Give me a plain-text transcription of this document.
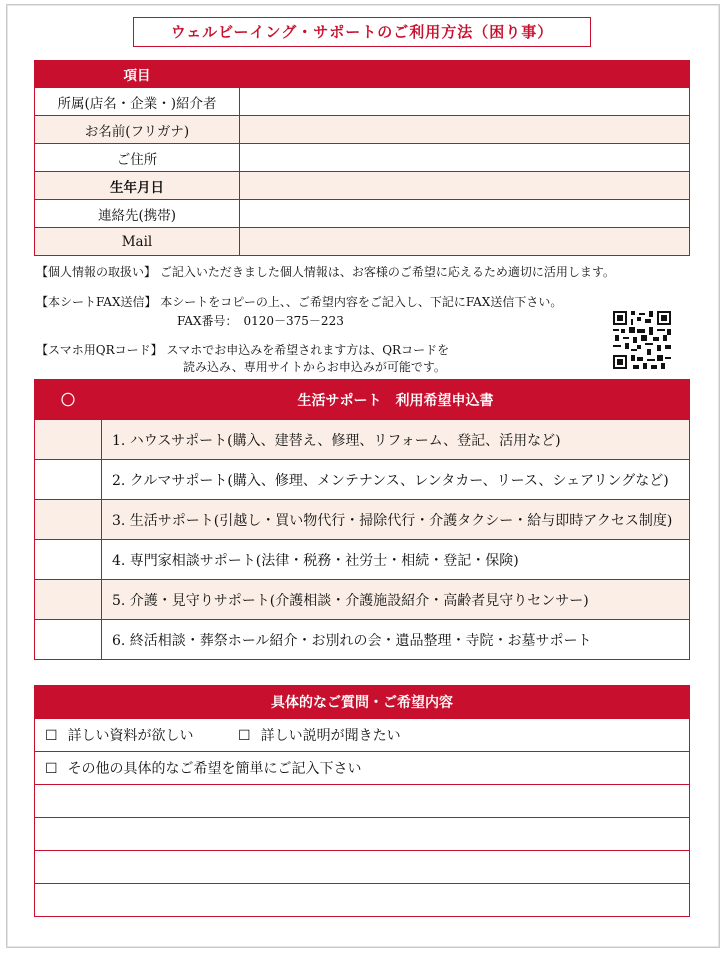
ウェルビーイング・サポートのご利用方法（困り事）
項目	
所属(店名・企業・)紹介者	
お名前(フリガナ)	
ご住所	
生年月日	
連絡先(携帯)	
Mail	
【個人情報の取扱い】 ご記入いただきました個人情報は、お客様のご希望に応えるため適切に活用します。
【本シートFAX送信】 本シートをコピーの上、、ご希望内容をご記入し、下記にFAX送信下さい。
FAX番号：　0120－375－223
【スマホ用QRコード】 スマホでお申込みを希望されます方は、QRコードを
読み込み、専用サイトからお申込みが可能です。
〇	生活サポート　利用希望申込書
	1. ハウスサポート(購入、建替え、修理、リフォーム、登記、活用など)
	2. クルマサポート(購入、修理、メンテナンス、レンタカー、リース、シェアリングなど)
	3. 生活サポート(引越し・買い物代行・掃除代行・介護タクシー・給与即時アクセス制度)
	4. 専門家相談サポート(法律・税務・社労士・相続・登記・保険)
	5. 介護・見守りサポート(介護相談・介護施設紹介・高齢者見守りセンサー)
	6. 終活相談・葬祭ホール紹介・お別れの会・遺品整理・寺院・お墓サポート
具体的なご質問・ご希望内容
☐ 詳しい資料が欲しい	☐ 詳しい説明が聞きたい
☐ その他の具体的なご希望を簡単にご記入下さい
